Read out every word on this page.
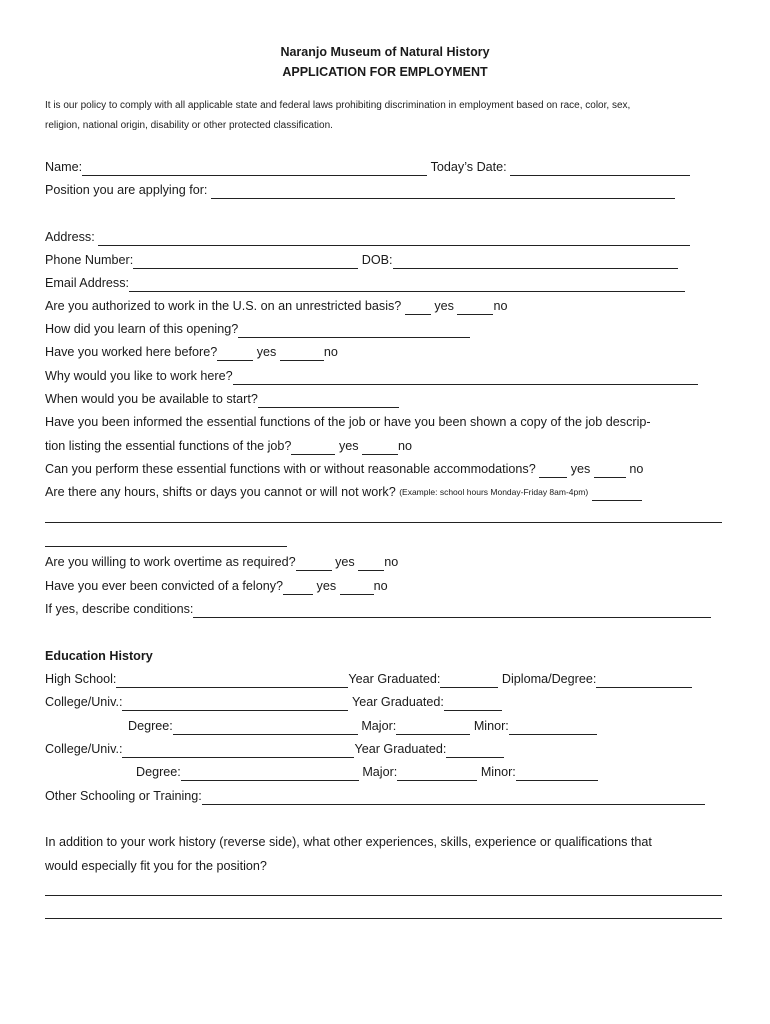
Naranjo Museum of Natural History
APPLICATION FOR EMPLOYMENT
It is our policy to comply with all applicable state and federal laws prohibiting discrimination in employment based on race, color, sex,
religion, national origin, disability or other protected classification.
Name:	Today’s Date:
Position you are applying for:
Address:
Phone Number:	DOB:
Email Address:
Are you authorized to work in the U.S. on an unrestricted basis?	yes	no
How did you learn of this opening?
Have you worked here before?	yes	no
Why would you like to work here?
When would you be available to start?
Have you been informed the essential functions of the job or have you been shown a copy of the job descrip-
tion listing the essential functions of the job?	yes	no
Can you perform these essential functions with or without reasonable accommodations?	yes	no
Are there any hours, shifts or days you cannot or will not work? (Example: school hours Monday-Friday 8am-4pm)
Are you willing to work overtime as required?	yes no
Have you ever been convicted of a felony?	yes	no
If yes, describe conditions:
Education History
High School:	Year Graduated:	Diploma/Degree:
College/Univ.:	Year Graduated:
Degree:	Major:	Minor:
College/Univ.:	Year Graduated:
Degree:	Major:	Minor:
Other Schooling or Training:
In addition to your work history (reverse side), what other experiences, skills, experience or qualifications that
would especially fit you for the position?
